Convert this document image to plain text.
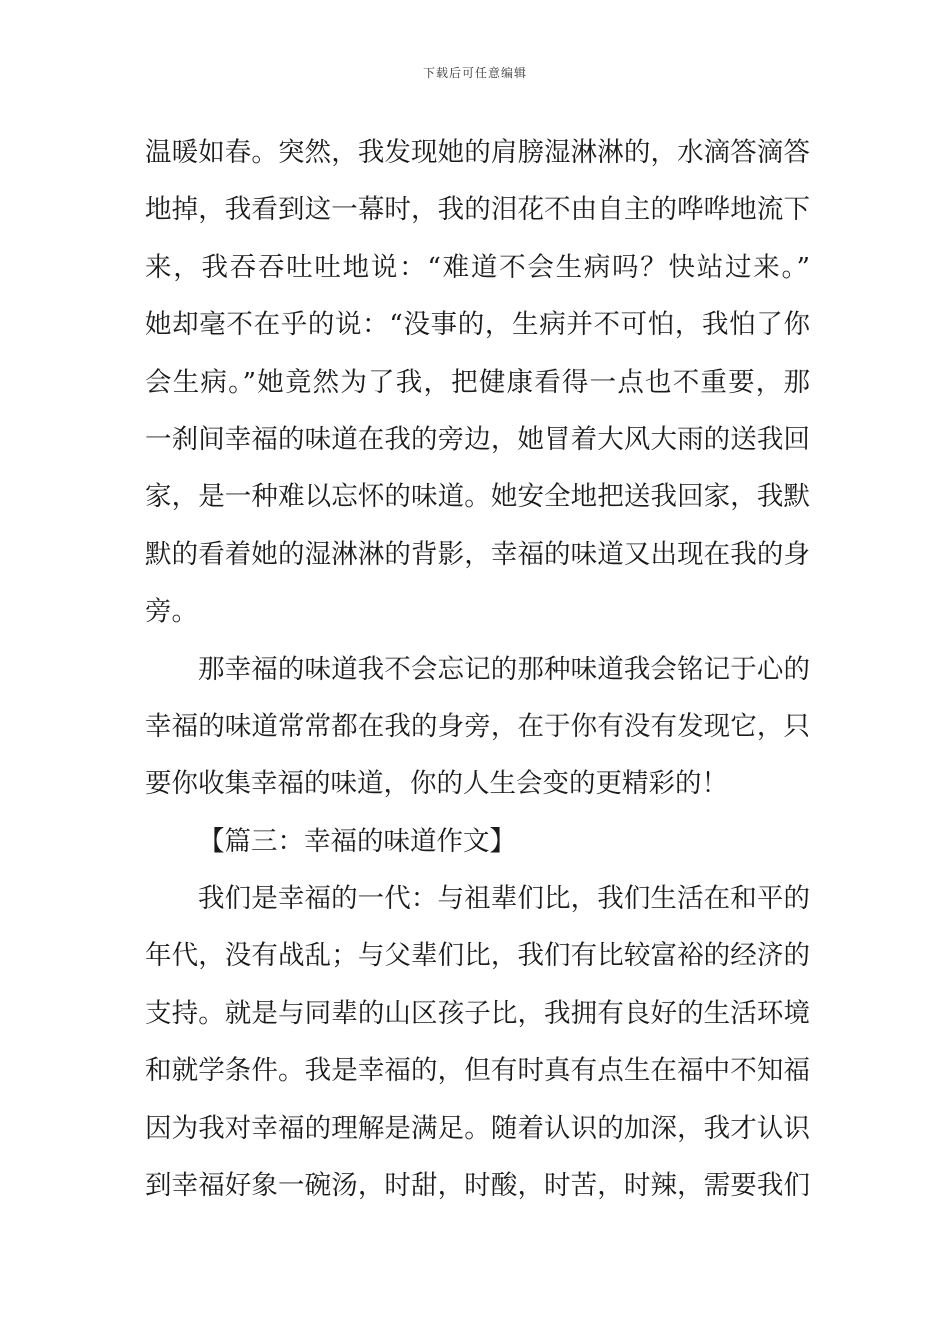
下载后可任意编辑
温暖如春。突然，我发现她的肩膀湿淋淋的，水滴答滴答
地掉，我看到这一幕时，我的泪花不由自主的哗哗地流下
来，我吞吞吐吐地说：“难道不会生病吗？快站过来。”
她却毫不在乎的说：“没事的，生病并不可怕，我怕了你
会生病。”她竟然为了我，把健康看得一点也不重要，那
一刹间幸福的味道在我的旁边，她冒着大风大雨的送我回
家，是一种难以忘怀的味道。她安全地把送我回家，我默
默的看着她的湿淋淋的背影，幸福的味道又出现在我的身
旁。
那幸福的味道我不会忘记的那种味道我会铭记于心的
幸福的味道常常都在我的身旁，在于你有没有发现它，只
要你收集幸福的味道，你的人生会变的更精彩的！
【篇三：幸福的味道作文】
我们是幸福的一代：与祖辈们比，我们生活在和平的
年代，没有战乱；与父辈们比，我们有比较富裕的经济的
支持。就是与同辈的山区孩子比，我拥有良好的生活环境
和就学条件。我是幸福的，但有时真有点生在福中不知福
因为我对幸福的理解是满足。随着认识的加深，我才认识
到幸福好象一碗汤，时甜，时酸，时苦，时辣，需要我们
